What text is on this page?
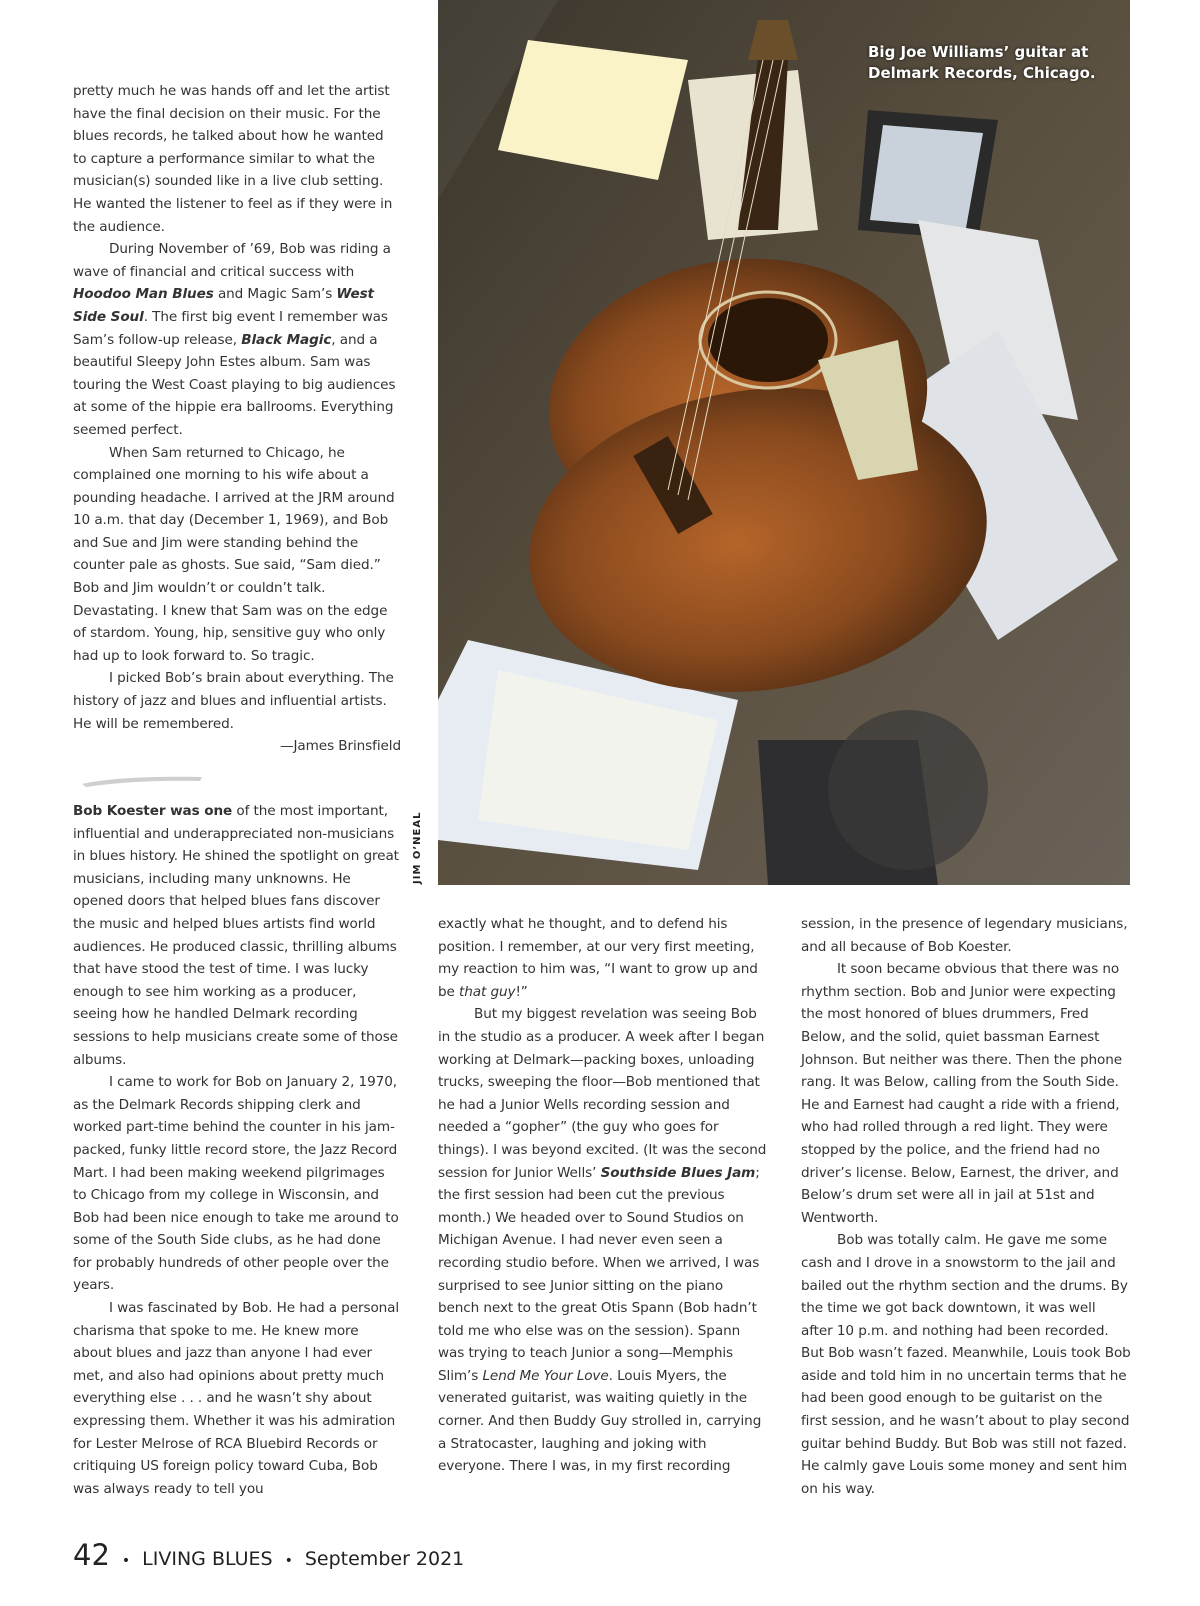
pretty much he was hands off and let the artist have the final decision on their music. For the blues records, he talked about how he wanted to capture a performance similar to what the musician(s) sounded like in a live club setting. He wanted the listener to feel as if they were in the audience.

During November of ’69, Bob was riding a wave of financial and critical success with Hoodoo Man Blues and Magic Sam’s West Side Soul. The first big event I remember was Sam’s follow-up release, Black Magic, and a beautiful Sleepy John Estes album. Sam was touring the West Coast playing to big audiences at some of the hippie era ballrooms. Everything seemed perfect.

When Sam returned to Chicago, he complained one morning to his wife about a pounding headache. I arrived at the JRM around 10 a.m. that day (December 1, 1969), and Bob and Sue and Jim were standing behind the counter pale as ghosts. Sue said, “Sam died.” Bob and Jim wouldn’t or couldn’t talk. Devastating. I knew that Sam was on the edge of stardom. Young, hip, sensitive guy who only had up to look forward to. So tragic.

I picked Bob’s brain about everything. The history of jazz and blues and influential artists. He will be remembered.

—James Brinsfield

Bob Koester was one of the most important, influential and underappreciated non-musicians in blues history. He shined the spotlight on great musicians, including many unknowns. He opened doors that helped blues fans discover the music and helped blues artists find world audiences. He produced classic, thrilling albums that have stood the test of time. I was lucky enough to see him working as a producer, seeing how he handled Delmark recording sessions to help musicians create some of those albums.

I came to work for Bob on January 2, 1970, as the Delmark Records shipping clerk and worked part-time behind the counter in his jam-packed, funky little record store, the Jazz Record Mart. I had been making weekend pilgrimages to Chicago from my college in Wisconsin, and Bob had been nice enough to take me around to some of the South Side clubs, as he had done for probably hundreds of other people over the years.

I was fascinated by Bob. He had a personal charisma that spoke to me. He knew more about blues and jazz than anyone I had ever met, and also had opinions about pretty much everything else . . . and he wasn’t shy about expressing them. Whether it was his admiration for Lester Melrose of RCA Bluebird Records or critiquing US foreign policy toward Cuba, Bob was always ready to tell you

Big Joe Williams’ guitar at
Delmark Records, Chicago.
JIM O’NEAL

exactly what he thought, and to defend his position. I remember, at our very first meeting, my reaction to him was, “I want to grow up and be that guy!”

But my biggest revelation was seeing Bob in the studio as a producer. A week after I began working at Delmark—packing boxes, unloading trucks, sweeping the floor—Bob mentioned that he had a Junior Wells recording session and needed a “gopher” (the guy who goes for things). I was beyond excited. (It was the second session for Junior Wells’ Southside Blues Jam; the first session had been cut the previous month.) We headed over to Sound Studios on Michigan Avenue. I had never even seen a recording studio before. When we arrived, I was surprised to see Junior sitting on the piano bench next to the great Otis Spann (Bob hadn’t told me who else was on the session). Spann was trying to teach Junior a song—Memphis Slim’s Lend Me Your Love. Louis Myers, the venerated guitarist, was waiting quietly in the corner. And then Buddy Guy strolled in, carrying a Stratocaster, laughing and joking with everyone. There I was, in my first recording

session, in the presence of legendary musicians, and all because of Bob Koester.

It soon became obvious that there was no rhythm section. Bob and Junior were expecting the most honored of blues drummers, Fred Below, and the solid, quiet bassman Earnest Johnson. But neither was there. Then the phone rang. It was Below, calling from the South Side. He and Earnest had caught a ride with a friend, who had rolled through a red light. They were stopped by the police, and the friend had no driver’s license. Below, Earnest, the driver, and Below’s drum set were all in jail at 51st and Wentworth.

Bob was totally calm. He gave me some cash and I drove in a snowstorm to the jail and bailed out the rhythm section and the drums. By the time we got back downtown, it was well after 10 p.m. and nothing had been recorded. But Bob wasn’t fazed. Meanwhile, Louis took Bob aside and told him in no uncertain terms that he had been good enough to be guitarist on the first session, and he wasn’t about to play second guitar behind Buddy. But Bob was still not fazed. He calmly gave Louis some money and sent him on his way.

42 • LIVING BLUES • September 2021
